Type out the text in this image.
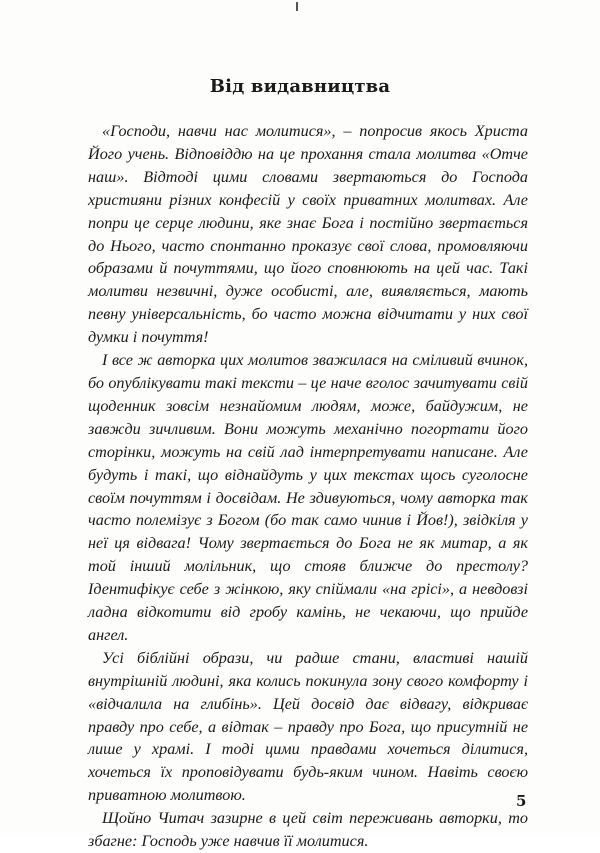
Від видавництва

«Господи, навчи нас молитися», – попросив якось Христа Його учень. Відповіддю на це прохання стала молитва «Отче наш». Відтоді цими словами звертаються до Господа християни різних конфесій у своїх приватних молитвах. Але попри це серце людини, яке знає Бога і постійно звертається до Нього, часто спонтанно проказує свої слова, промовляючи образами й почуттями, що його сповнюють на цей час. Такі молитви незвичні, дуже особисті, але, виявляється, мають певну універсальність, бо часто можна відчитати у них свої думки і почуття!

І все ж авторка цих молитов зважилася на сміливий вчинок, бо опублікувати такі тексти – це наче вголос зачитувати свій щоденник зовсім незнайомим людям, може, байдужим, не завжди зичливим. Вони можуть механічно погортати його сторінки, можуть на свій лад інтерпретувати написане. Але будуть і такі, що віднайдуть у цих текстах щось суголосне своїм почуттям і досвідам. Не здивуються, чому авторка так часто полемізує з Богом (бо так само чинив і Йов!), звідкіля у неї ця відвага! Чому звертається до Бога не як митар, а як той інший молільник, що стояв ближче до престолу? Ідентифікує себе з жінкою, яку спіймали «на грісі», а невдовзі ладна відкотити від гробу камінь, не чекаючи, що прийде ангел.

Усі біблійні образи, чи радше стани, властиві нашій внутрішній людині, яка колись покинула зону свого комфорту і «відчалила на глибінь». Цей досвід дає відвагу, відкриває правду про себе, а відтак – правду про Бога, що присутній не лише у храмі. І тоді цими правдами хочеться ділитися, хочеться їх проповідувати будь-яким чином. Навіть своєю приватною молитвою.

Щойно Читач зазирне в цей світ переживань авторки, то збагне: Господь уже навчив її молитися.

5
